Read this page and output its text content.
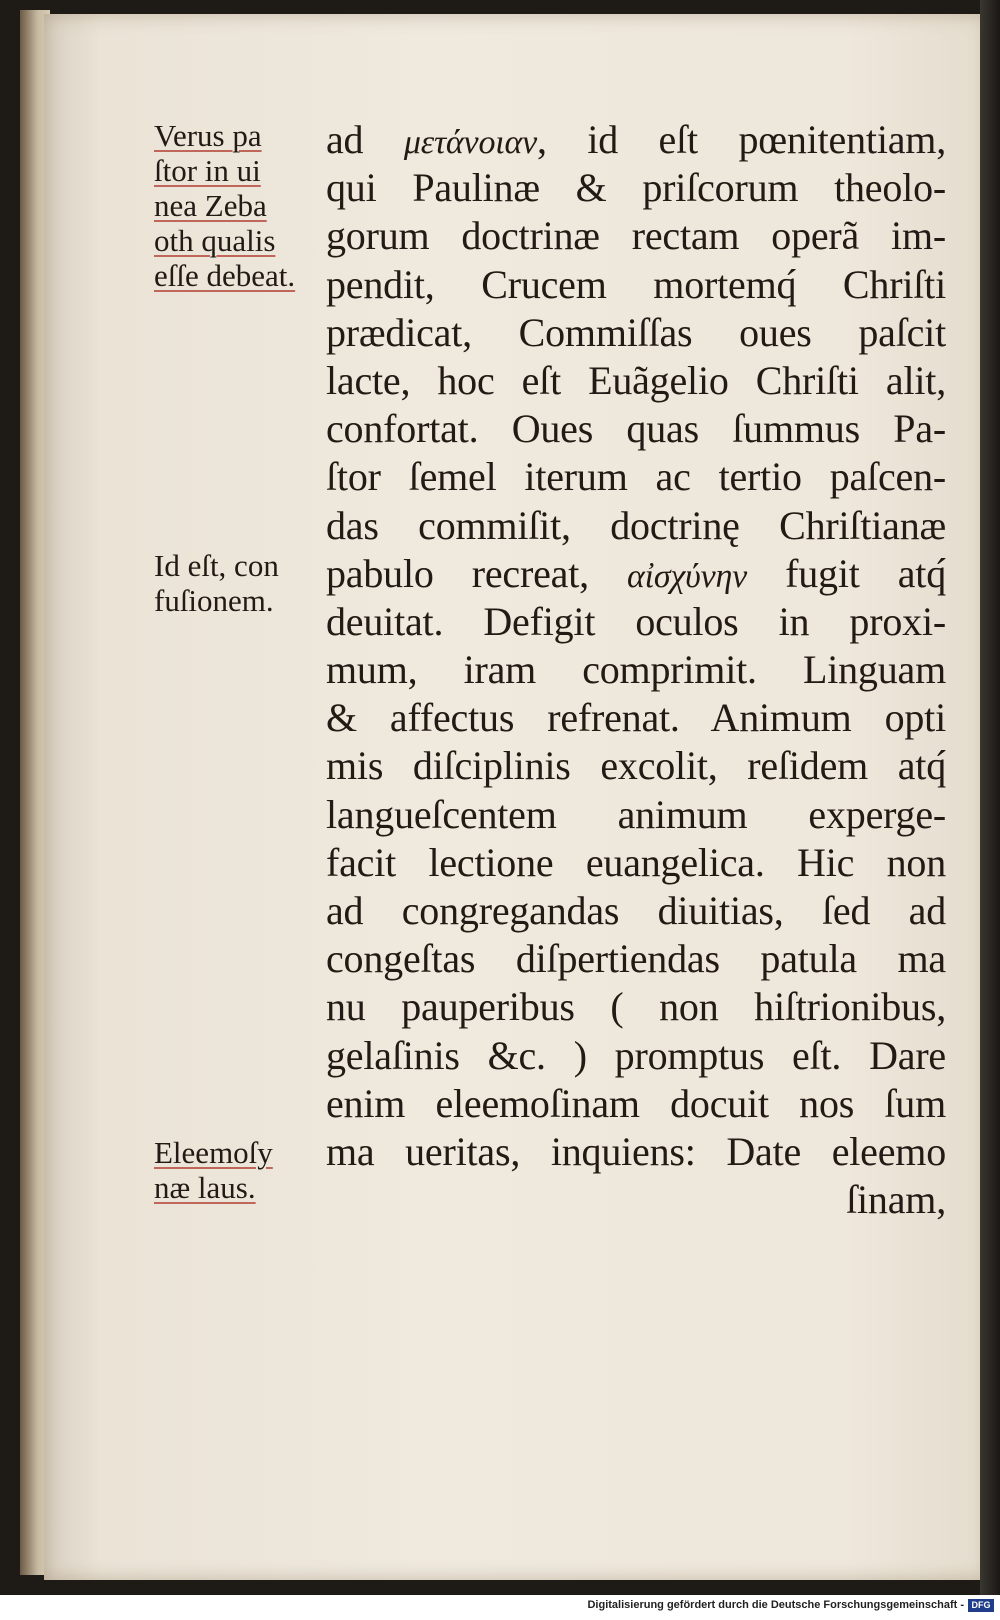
Verus pa
ſtor in ui
nea Zeba
oth qualis
eſſe debeat.
Id eſt, con
fuſionem.
Eleemoſy
næ laus.
ad μετάνοιαν, id eſt pœnitentiam,
qui Paulinæ & priſcorum theolo-
gorum doctrinæ rectam operã im-
pendit, Crucem mortemq́ Chriſti
prædicat, Commiſſas oues paſcit
lacte, hoc eſt Euãgelio Chriſti alit,
confortat. Oues quas ſummus Pa-
ſtor ſemel iterum ac tertio paſcen-
das commiſit, doctrinę Chriſtianæ
pabulo recreat, αἰσχύνην fugit atq́
deuitat. Defigit oculos in proxi-
mum, iram comprimit. Linguam
& affectus refrenat. Animum opti
mis diſciplinis excolit, reſidem atq́
langueſcentem animum experge-
facit lectione euangelica. Hic non
ad congregandas diuitias, ſed ad
congeſtas diſpertiendas patula ma
nu pauperibus ( non hiſtrionibus,
gelaſinis &c. ) promptus eſt. Dare
enim eleemoſinam docuit nos ſum
ma ueritas, inquiens: Date eleemo
ſinam,
Digitalisierung gefördert durch die Deutsche Forschungsgemeinschaft - DFG
